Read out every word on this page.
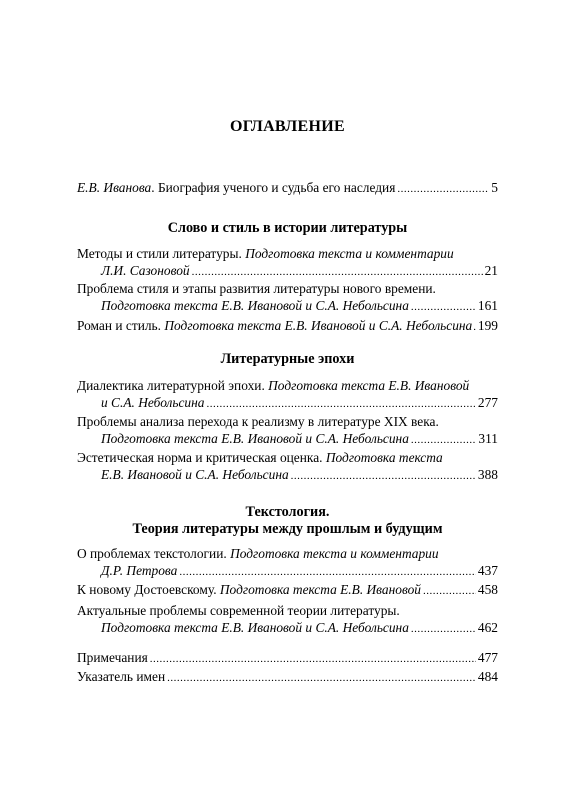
ОГЛАВЛЕНИЕ
Е.В. Иванова. Биография ученого и судьба его наследия .....	5
Слово и стиль в истории литературы
Методы и стили литературы. Подготовка текста и комментарии
Л.И. Сазоновой .....	21
Проблема стиля и этапы развития литературы нового времени.
Подготовка текста Е.В. Ивановой и С.А. Небольсина .....	161
Роман и стиль. Подготовка текста Е.В. Ивановой и С.А. Небольсина ..... 199
Литературные эпохи
Диалектика литературной эпохи. Подготовка текста Е.В. Ивановой
и С.А. Небольсина .....	277
Проблемы анализа перехода к реализму в литературе XIX века.
Подготовка текста Е.В. Ивановой и С.А. Небольсина .....	311
Эстетическая норма и критическая оценка. Подготовка текста
Е.В. Ивановой и С.А. Небольсина .....	388
Текстология.
Теория литературы между прошлым и будущим
О проблемах текстологии. Подготовка текста и комментарии
Д.Р. Петрова .....	437
К новому Достоевскому. Подготовка текста Е.В. Ивановой .....	458
Актуальные проблемы современной теории литературы.
Подготовка текста Е.В. Ивановой и С.А. Небольсина .....	462
Примечания .....	477
Указатель имен .....	484
